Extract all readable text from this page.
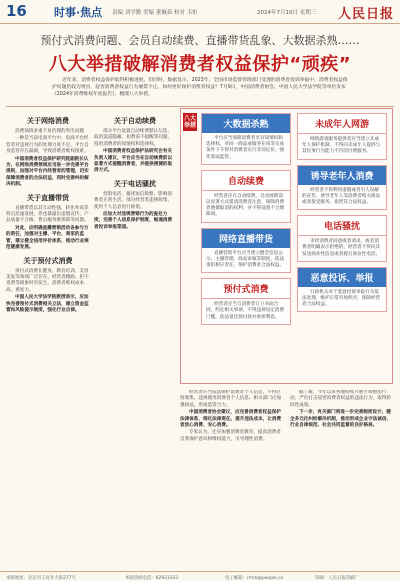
16 时事·焦点 责编 刘学勤 美编 董佩茹 校对 韦炬	2024年7月10日 星期三 人民日报
预付式消费问题、会员自动续费、直播带货乱象、大数据杀熟……
八大举措破解消费者权益保护“顽疾”
近年来，消费者权益保护取得积极进展，但同时，数据显示，2023年，全国市场监督管理部门受理的消费者投诉举报中，消费者权益保护问题仍较为突出，侵害消费者权益行为屡禁不止。如何更好保护消费者权益？7月9日，中国消费者协会、中国人民大学法学院等单位发布《2024年消费维权年度报告》，梳理八大举措。
关于网络消费

消费领域多重不易治理的突出问题

一种是当前电商平台中，电商平台经营者对违规行为的处理力度不足，平台自身监管存在漏洞，导致消费者维权困难。

中国消费者权益保护研究院副院长认为，在网络消费领域应当进一步完善平台规则，加强对平台内经营者的管理，切实保障消费者的合法权益，同时完善纠纷解决机制。

关于直播带货

直播带货以其互动性强、转化率高等特点迅速发展，但也暴露出虚假宣传、产品质量不合格、售后服务难保障等问题。

对此，应明确直播营销活动各参与方的责任，加强对主播、平台、商家的监管，建立健全信用评价体系，推动行业规范健康发展。

关于预付式消费

预付式消费在健身、教育培训、美容美发等领域广泛存在，经营者跑路、拒不退费等现象时有发生，消费者维权成本高、难度大。

中国人民大学法学院教授表示，应加快完善预付式消费相关立法，建立资金监管和风险提示制度，强化行业自律。

关于自动续费

部分平台设置自动续费默认勾选、取消渠道隐蔽、扣费前不提醒等问题，侵害消费者的知情权和选择权。

中国消费者权益保护法研究会有关负责人建议，平台应当在自动续费前以显著方式提醒消费者，并提供便捷的取消方式。

关于电话骚扰

营销电话、骚扰短信频繁，影响消费者正常生活。部分经营者违规收集、使用个人信息进行推销。

应加大对违规营销行为的查处力度，完善个人信息保护制度，畅通消费者投诉举报渠道。

八大举措	大数据杀熟

平台应当保障消费者享有知情权和选择权，对同一商品或服务在同等交易条件下不得对消费者实行差别定价，强化算法监管。

自动续费

经营者应在自动续费、自动展期前以显著方式提请消费者注意，保障消费者便捷取消的权利，并不得设置不合理障碍。

网络直播带货

直播营销平台应当建立健全信息公示、主播管理、商品审核等制度，依法承担相应责任，保护消费者合法权益。

预付式消费

经营者应当与消费者订立书面合同，约定相关事项，不得违规设定消费门槛，依法退还预付款并承担利息。

未成年人网游

网络游戏服务提供者应当建立未成年人保护机制，不得向未成年人提供与其民事行为能力不符的付费服务。

诱导老年人消费

经营者不得利用虚假或者引人误解的宣传，诱导老年人等消费者购买商品或者接受服务，损害其合法权益。

电话骚扰

未经消费者同意或者请求，或者消费者明确表示拒绝的，经营者不得向其发送商业性信息或者拨打商业性电话。

恶意投诉、举报

行政机关对于恶意投诉举报行为依法处理，维护正常市场秩序，保障经营者合法权益。

经营者应当依法保护消费者个人信息，不得过度收集、违规使用消费者个人信息。相关部门应加强执法，形成监管合力。

中国消费者协会建议，应完善消费者权益保护法律体系，细化法律责任，提升违法成本，让消费者放心消费、安心消费。

专家认为，还应加强消费者教育，提高消费者自我保护意识和维权能力，引导理性消费。

据了解，今年以来各地持续开展专项整治行动，严厉打击侵害消费者权益的违法行为，取得阶段性成效。

下一步，有关部门将进一步完善制度设计，健全多元化纠纷解决机制，推动形成企业守法诚信、行业自律规范、社会共同监督的良好格局。

本版地址：北京市王府井大街277号	本版热线电话：82923333	电子邮箱：rmrb@people.cn	印刷：人民日报印刷厂
